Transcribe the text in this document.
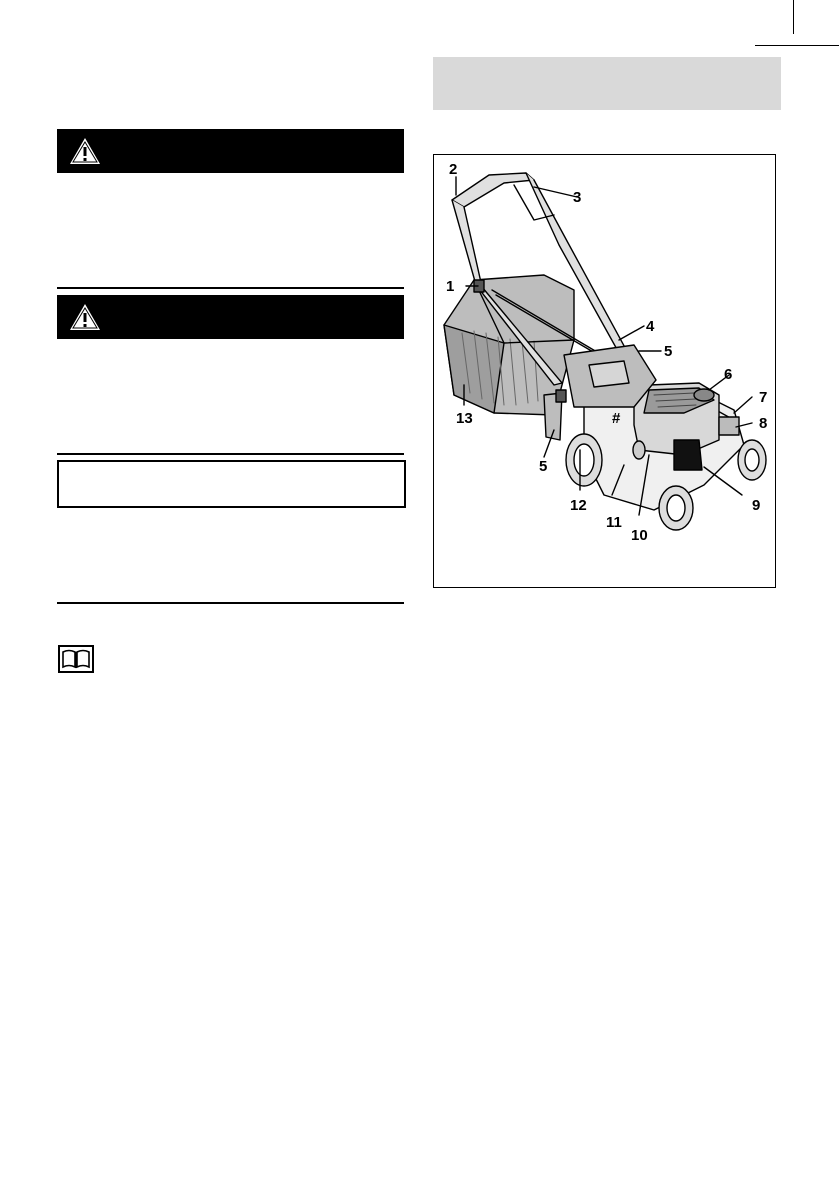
1
2
3
4
5
6
7
8
9
10
11
12
5
13	#
